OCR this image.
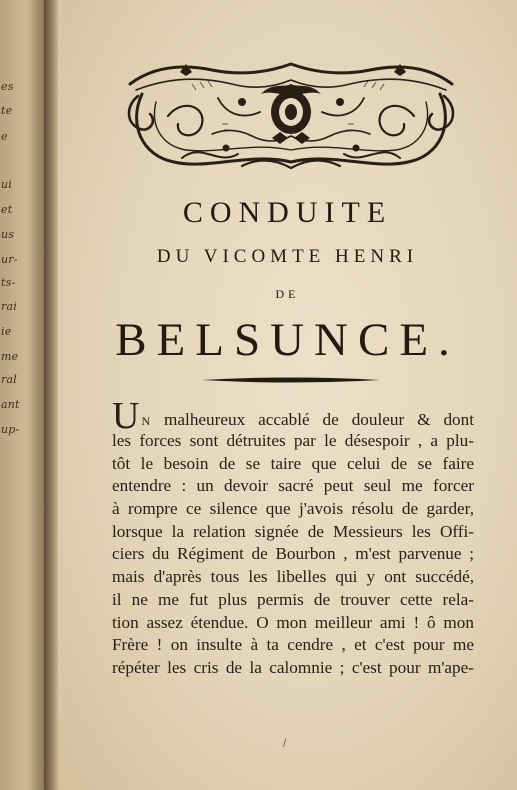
es
te
e
ui
et
us
ur-
ts-
rai
ie
me
ral
ant
up-
CONDUITE
DU VICOMTE HENRI
DE
BELSUNCE.
U N malheureux accablé de douleur & dont
les forces sont détruites par le désespoir , a plu-
tôt le besoin de se taire que celui de se faire
entendre : un devoir sacré peut seul me forcer
à rompre ce silence que j'avois résolu de garder,
lorsque la relation signée de Messieurs les Offi-
ciers du Régiment de Bourbon , m'est parvenue ;
mais d'après tous les libelles qui y ont succédé,
il ne me fut plus permis de trouver cette rela-
tion assez étendue. O mon meilleur ami ! ô mon
Frère ! on insulte à ta cendre , et c'est pour me
répéter les cris de la calomnie ; c'est pour m'ape-
/
